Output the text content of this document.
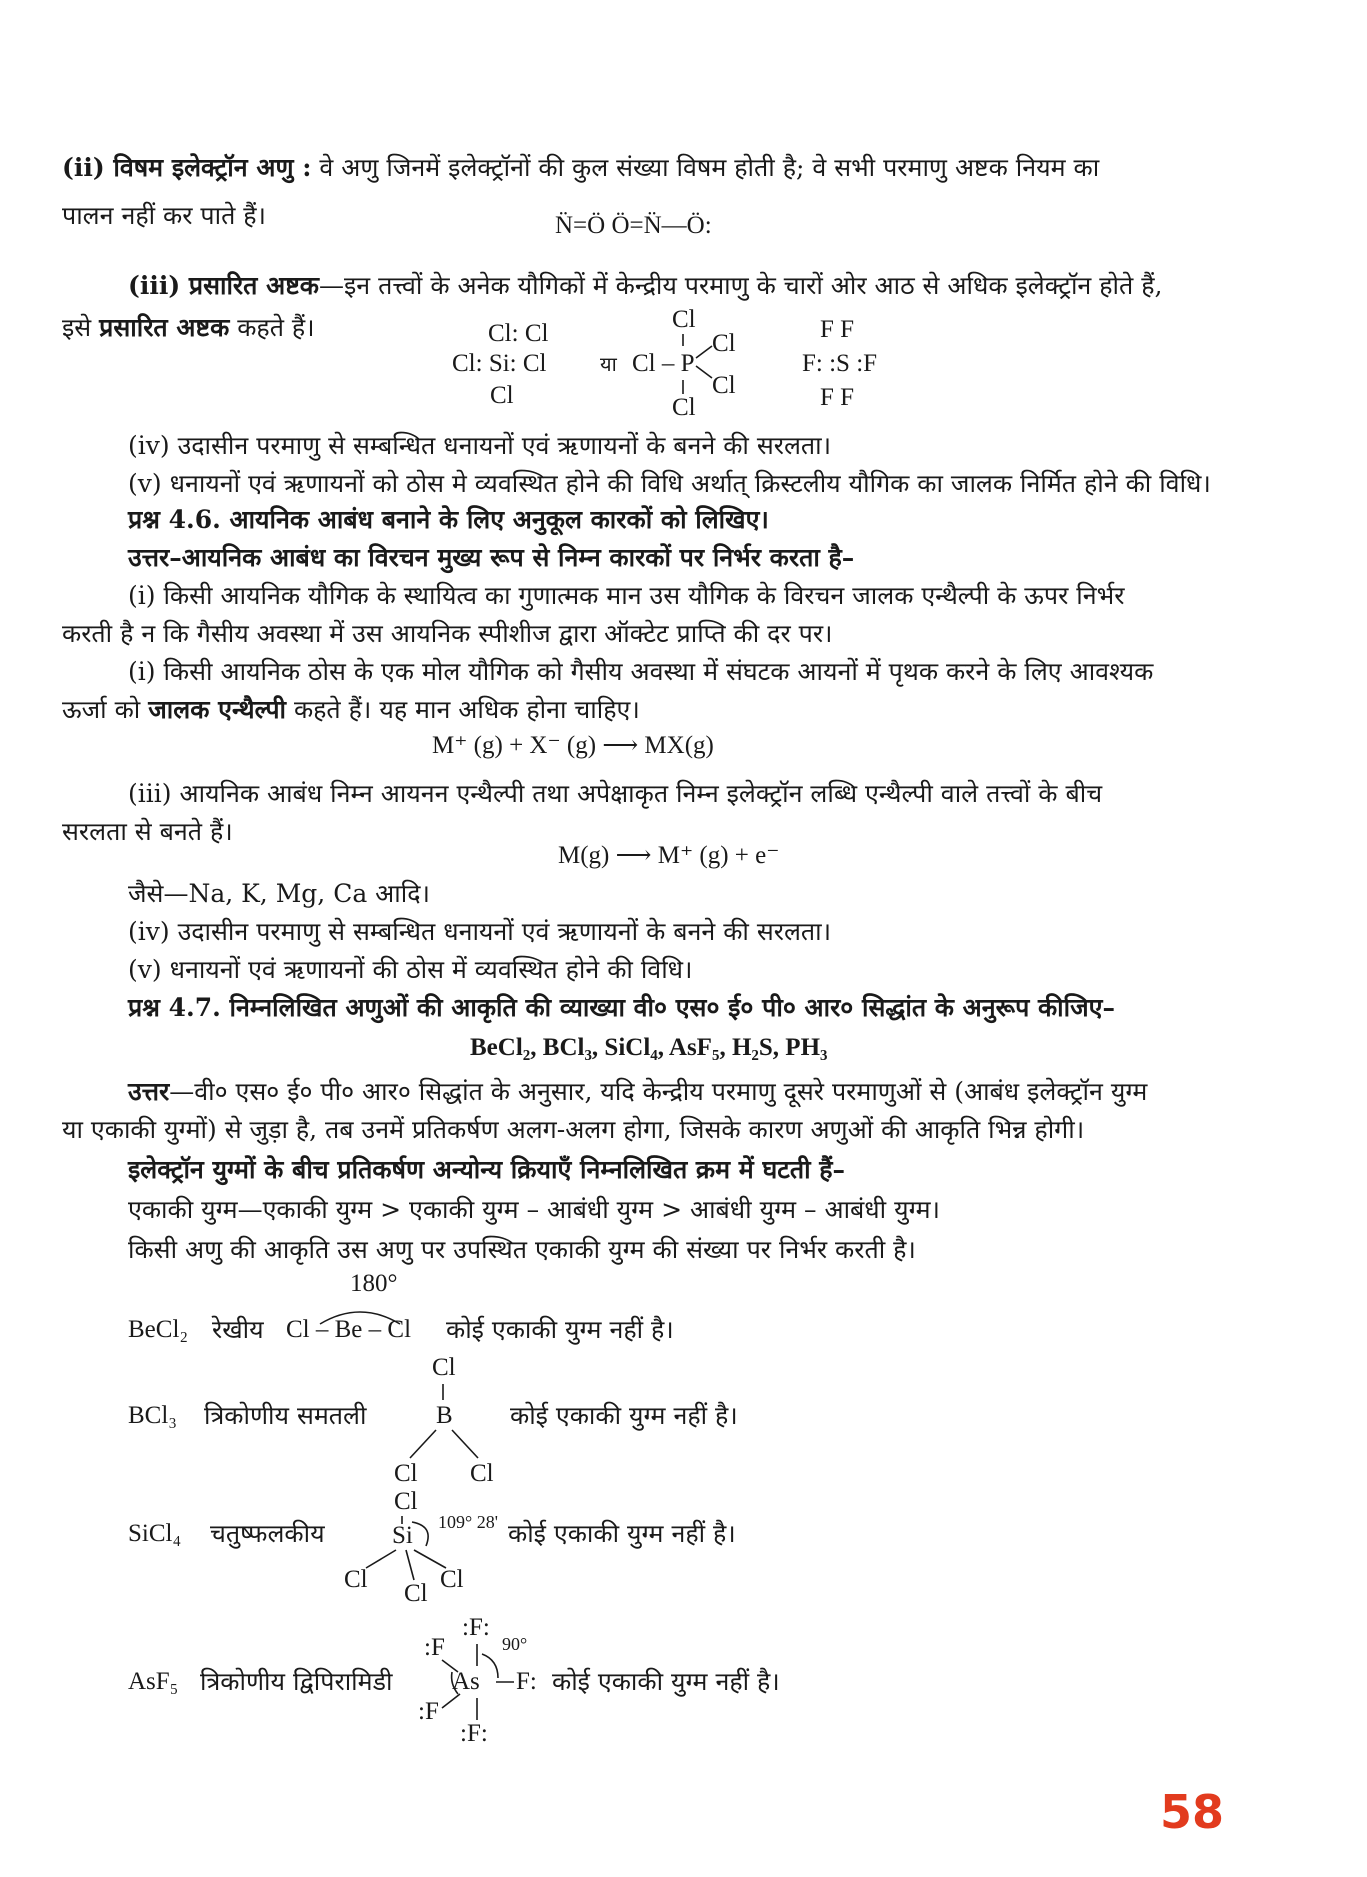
(ii) विषम इलेक्ट्रॉन अणु : वे अणु जिनमें इलेक्ट्रॉनों की कुल संख्या विषम होती है; वे सभी परमाणु अष्टक नियम का
पालन नहीं कर पाते हैं।	N̈=Ö Ö=N̈—Ö:
(iii) प्रसारित अष्टक—इन तत्त्वों के अनेक यौगिकों में केन्द्रीय परमाणु के चारों ओर आठ से अधिक इलेक्ट्रॉन होते हैं,
इसे प्रसारित अष्टक कहते हैं।	Cl: Cl
Cl: Si: Cl
Cl
या
Cl
Cl – P
Cl
Cl
Cl
F F
F: :S :F
F F
(iv) उदासीन परमाणु से सम्बन्धित धनायनों एवं ऋणायनों के बनने की सरलता।
(v) धनायनों एवं ऋणायनों को ठोस मे व्यवस्थित होने की विधि अर्थात् क्रिस्टलीय यौगिक का जालक निर्मित होने की विधि।
प्रश्न 4.6. आयनिक आबंध बनाने के लिए अनुकूल कारकों को लिखिए।
उत्तर–आयनिक आबंध का विरचन मुख्य रूप से निम्न कारकों पर निर्भर करता है–
(i) किसी आयनिक यौगिक के स्थायित्व का गुणात्मक मान उस यौगिक के विरचन जालक एन्थैल्पी के ऊपर निर्भर
करती है न कि गैसीय अवस्था में उस आयनिक स्पीशीज द्वारा ऑक्टेट प्राप्ति की दर पर।
(i) किसी आयनिक ठोस के एक मोल यौगिक को गैसीय अवस्था में संघटक आयनों में पृथक करने के लिए आवश्यक
ऊर्जा को जालक एन्थैल्पी कहते हैं। यह मान अधिक होना चाहिए।
M⁺ (g) + X⁻ (g) ⟶ MX(g)
(iii) आयनिक आबंध निम्न आयनन एन्थैल्पी तथा अपेक्षाकृत निम्न इलेक्ट्रॉन लब्धि एन्थैल्पी वाले तत्त्वों के बीच
सरलता से बनते हैं।
M(g) ⟶ M⁺ (g) + e⁻
जैसे—Na, K, Mg, Ca आदि।
(iv) उदासीन परमाणु से सम्बन्धित धनायनों एवं ऋणायनों के बनने की सरलता।
(v) धनायनों एवं ऋणायनों की ठोस में व्यवस्थित होने की विधि।
प्रश्न 4.7. निम्नलिखित अणुओं की आकृति की व्याख्या वी० एस० ई० पी० आर० सिद्धांत के अनुरूप कीजिए–
BeCl₂, BCl₃, SiCl₄, AsF₅, H₂S, PH₃
उत्तर—वी० एस० ई० पी० आर० सिद्धांत के अनुसार, यदि केन्द्रीय परमाणु दूसरे परमाणुओं से (आबंध इलेक्ट्रॉन युग्म
या एकाकी युग्मों) से जुड़ा है, तब उनमें प्रतिकर्षण अलग-अलग होगा, जिसके कारण अणुओं की आकृति भिन्न होगी।
इलेक्ट्रॉन युग्मों के बीच प्रतिकर्षण अन्योन्य क्रियाएँ निम्नलिखित क्रम में घटती हैं–
एकाकी युग्म—एकाकी युग्म > एकाकी युग्म – आबंधी युग्म > आबंधी युग्म – आबंधी युग्म।
किसी अणु की आकृति उस अणु पर उपस्थित एकाकी युग्म की संख्या पर निर्भर करती है।
180°
BeCl₂ रेखीय Cl – Be – Cl कोई एकाकी युग्म नहीं है।
Cl
BCl₃ त्रिकोणीय समतली	B कोई एकाकी युग्म नहीं है।
Cl Cl
Cl
SiCl₄ चतुष्फलकीय	Si 109° 28' कोई एकाकी युग्म नहीं है।
Cl
Cl
Cl
:F:
90°
:F
AsF₅ त्रिकोणीय द्विपिरामिडी As F: कोई एकाकी युग्म नहीं है।
:F
:F:
58
